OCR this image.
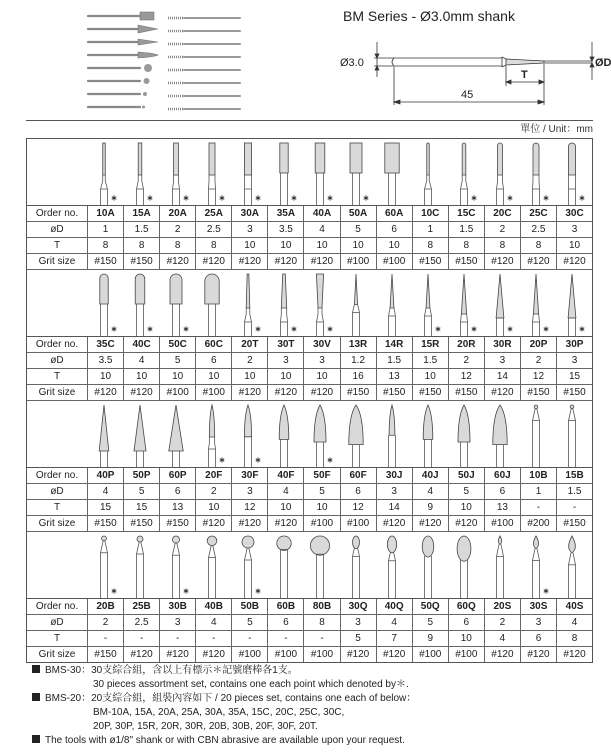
BM Series - Ø3.0mm shank
Ø3.0	ØD
T
45
單位 / Unit：mm
Order no.	10A	15A	20A	25A	30A	35A	40A	50A	60A	10C	15C	20C	25C	30C
øD	1	1.5	2	2.5	3	3.5	4	5	6	1	1.5	2	2.5	3
T	8	8	8	8	10	10	10	10	10	8	8	8	8	10
Grit size	#150	#150	#120	#120	#120	#120	#120	#100	#100	#150	#150	#120	#120	#120
Order no.	35C	40C	50C	60C	20T	30T	30V	13R	14R	15R	20R	30R	20P	30P
øD	3.5	4	5	6	2	3	3	1.2	1.5	1.5	2	3	2	3
T	10	10	10	10	10	10	10	16	13	10	12	14	12	15
Grit size	#120	#120	#100	#100	#120	#120	#120	#150	#150	#150	#150	#120	#150	#150
Order no.	40P	50P	60P	20F	30F	40F	50F	60F	30J	40J	50J	60J	10B	15B
øD	4	5	6	2	3	4	5	6	3	4	5	6	1	1.5
T	15	15	13	10	12	10	10	12	14	9	10	13	-	-
Grit size	#150	#150	#150	#120	#120	#120	#100	#100	#120	#120	#120	#100	#200	#150
Order no.	20B	25B	30B	40B	50B	60B	80B	30Q	40Q	50Q	60Q	20S	30S	40S
øD	2	2.5	3	4	5	6	8	3	4	5	6	2	3	4
T	-	-	-	-	-	-	-	5	7	9	10	4	6	8
Grit size	#150	#120	#120	#120	#100	#100	#100	#120	#120	#100	#100	#120	#120	#120
BMS-30：30支綜合組，含以上有標示＊記號磨棒各1支。
30 pieces assortment set, contains one each point which denoted by＊.
BMS-20：20支綜合組，組裝內容如下 / 20 pieces set, contains one each of below：
BM-10A, 15A, 20A, 25A, 30A, 35A, 15C, 20C, 25C, 30C,
20P, 30P, 15R, 20R, 30R, 20B, 30B, 20F, 30F, 20T.
The tools with ø1/8" shank or with CBN abrasive are available upon your request.
